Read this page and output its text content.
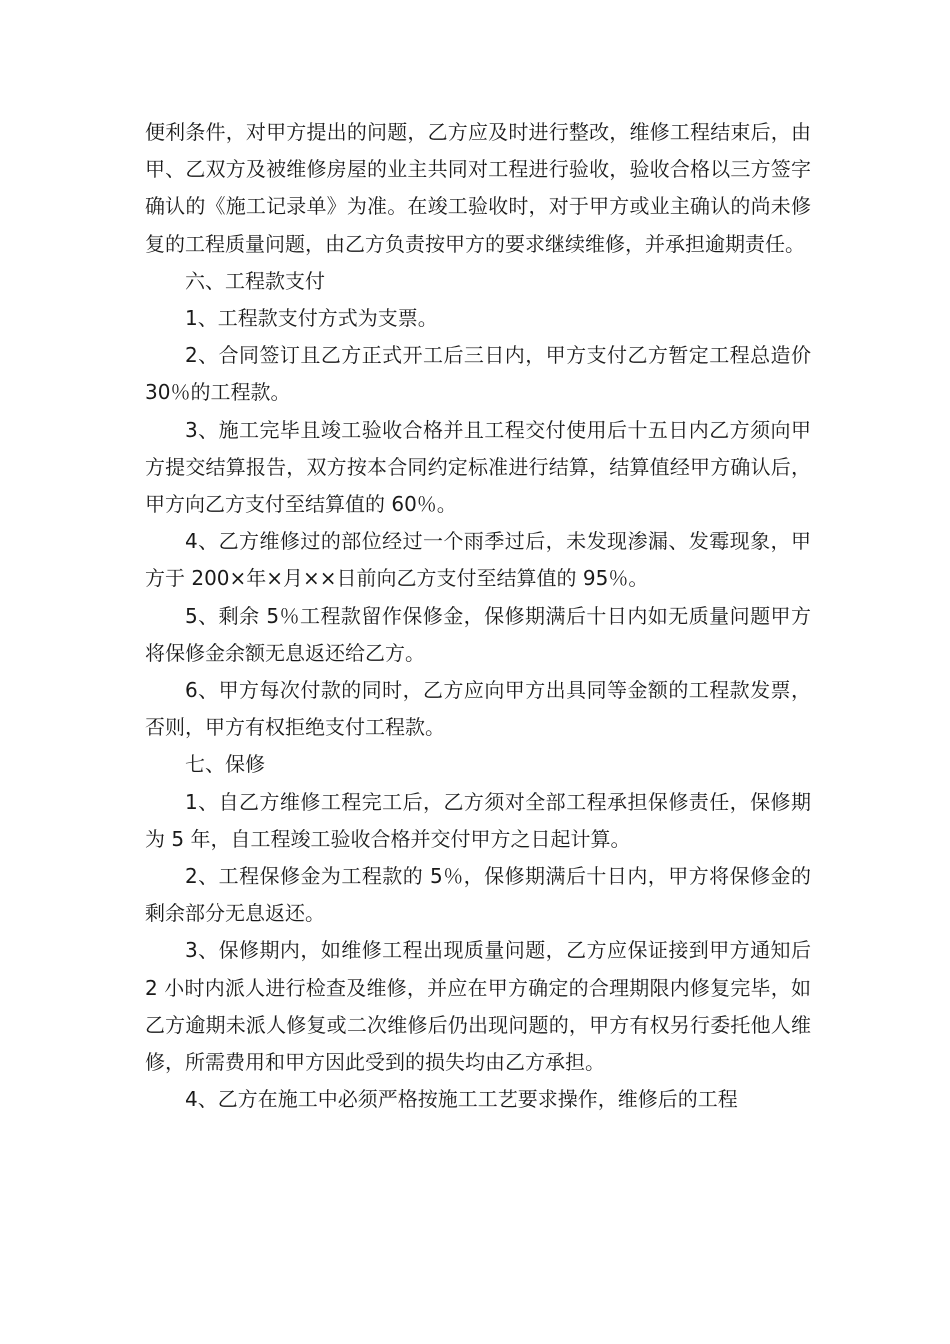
便利条件，对甲方提出的问题，乙方应及时进行整改，维修工程结束后，由甲、乙双方及被维修房屋的业主共同对工程进行验收，验收合格以三方签字确认的《施工记录单》为准。在竣工验收时，对于甲方或业主确认的尚未修复的工程质量问题，由乙方负责按甲方的要求继续维修，并承担逾期责任。

六、工程款支付

1、工程款支付方式为支票。

2、合同签订且乙方正式开工后三日内，甲方支付乙方暂定工程总造价 30％的工程款。

3、施工完毕且竣工验收合格并且工程交付使用后十五日内乙方须向甲方提交结算报告，双方按本合同约定标准进行结算，结算值经甲方确认后，甲方向乙方支付至结算值的 60％。

4、乙方维修过的部位经过一个雨季过后，未发现渗漏、发霉现象，甲方于 200×年×月××日前向乙方支付至结算值的 95％。

5、剩余 5％工程款留作保修金，保修期满后十日内如无质量问题甲方将保修金余额无息返还给乙方。

6、甲方每次付款的同时，乙方应向甲方出具同等金额的工程款发票，否则，甲方有权拒绝支付工程款。

七、保修

1、自乙方维修工程完工后，乙方须对全部工程承担保修责任，保修期为 5 年，自工程竣工验收合格并交付甲方之日起计算。

2、工程保修金为工程款的 5％，保修期满后十日内，甲方将保修金的剩余部分无息返还。

3、保修期内，如维修工程出现质量问题，乙方应保证接到甲方通知后 2 小时内派人进行检查及维修，并应在甲方确定的合理期限内修复完毕，如乙方逾期未派人修复或二次维修后仍出现问题的，甲方有权另行委托他人维修，所需费用和甲方因此受到的损失均由乙方承担。

4、乙方在施工中必须严格按施工工艺要求操作，维修后的工程
